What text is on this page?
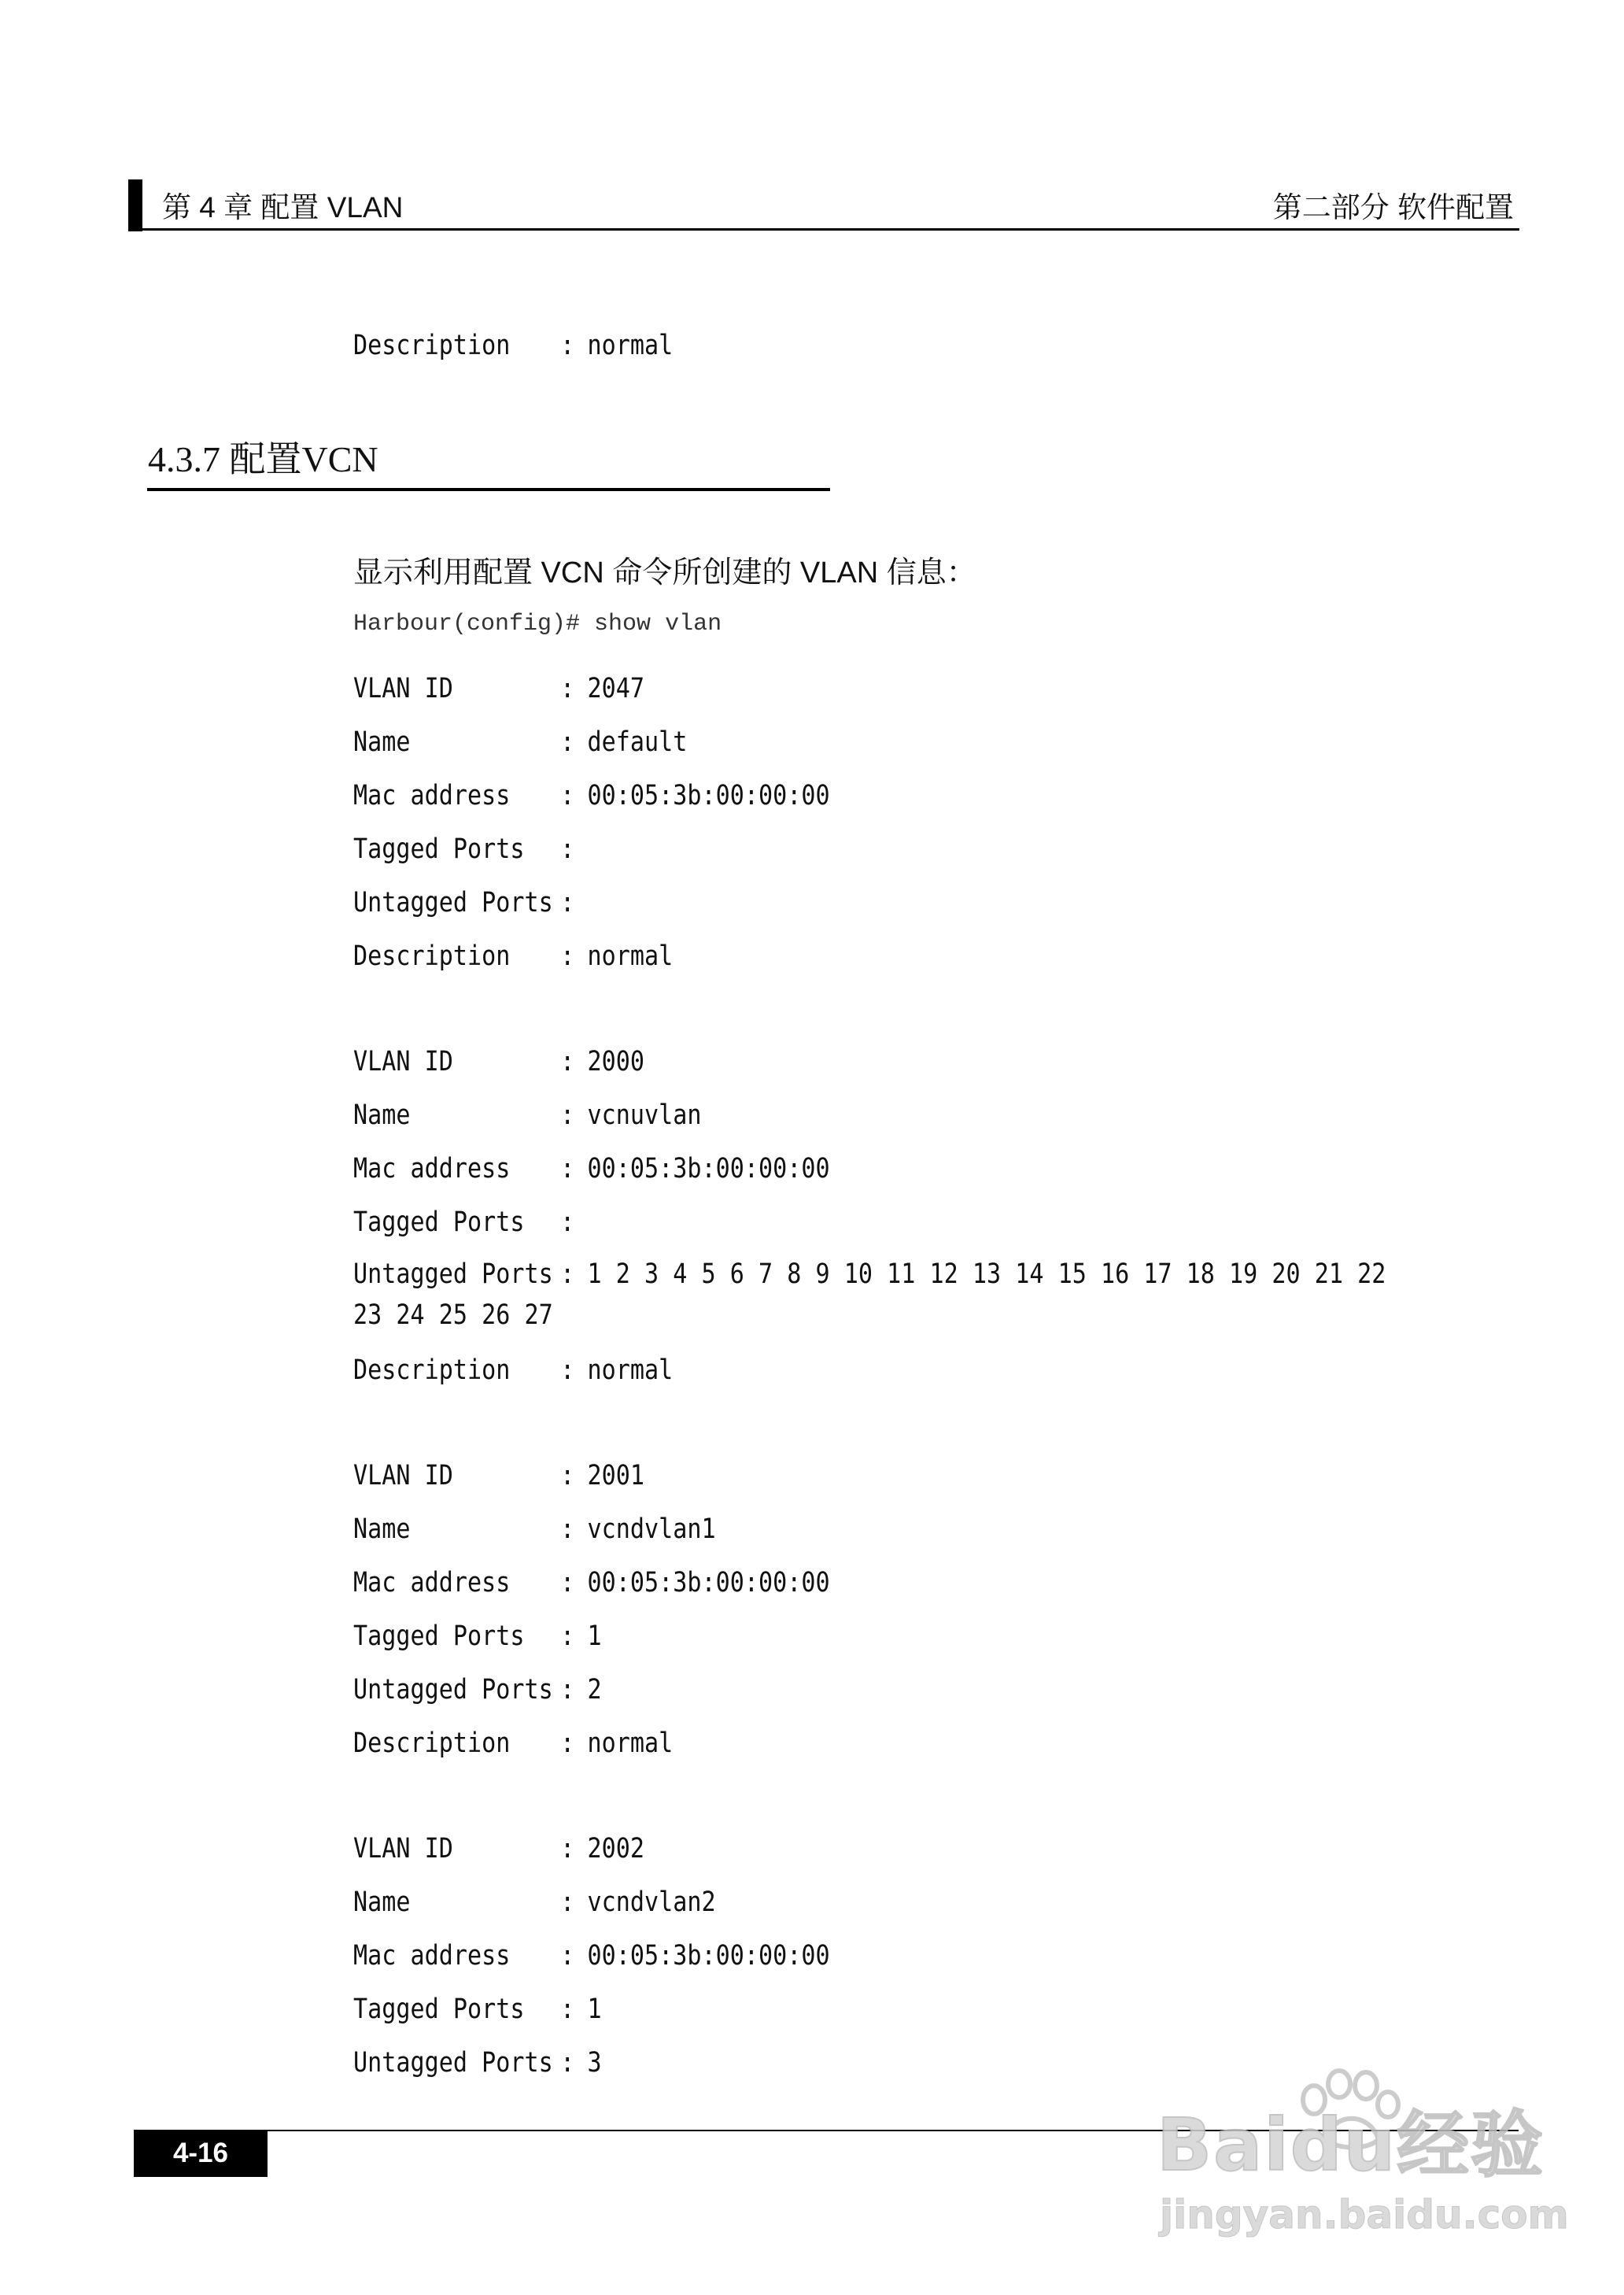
第 4 章 配置 VLAN	第二部分 软件配置
Description : normal
4.3.7 配置VCN
显示利用配置 VCN 命令所创建的 VLAN 信息：
Harbour(config)# show vlan
VLAN ID	: 2047
Name	: default
Mac address : 00:05:3b:00:00:00
Tagged Ports :
Untagged Ports :
Description : normal
VLAN ID	: 2000
Name	: vcnuvlan
Mac address : 00:05:3b:00:00:00
Tagged Ports :
Untagged Ports : 1 2 3 4 5 6 7 8 9 10 11 12 13 14 15 16 17 18 19 20 21 22 23 24 25 26 27
Description : normal
VLAN ID	: 2001
Name	: vcndvlan1
Mac address : 00:05:3b:00:00:00
Tagged Ports : 1
Untagged Ports : 2
Description : normal
VLAN ID	: 2002
Name	: vcndvlan2
Mac address : 00:05:3b:00:00:00
Tagged Ports : 1
Untagged Ports : 3
4-16	Baidu经验
jingyan.baidu.com
